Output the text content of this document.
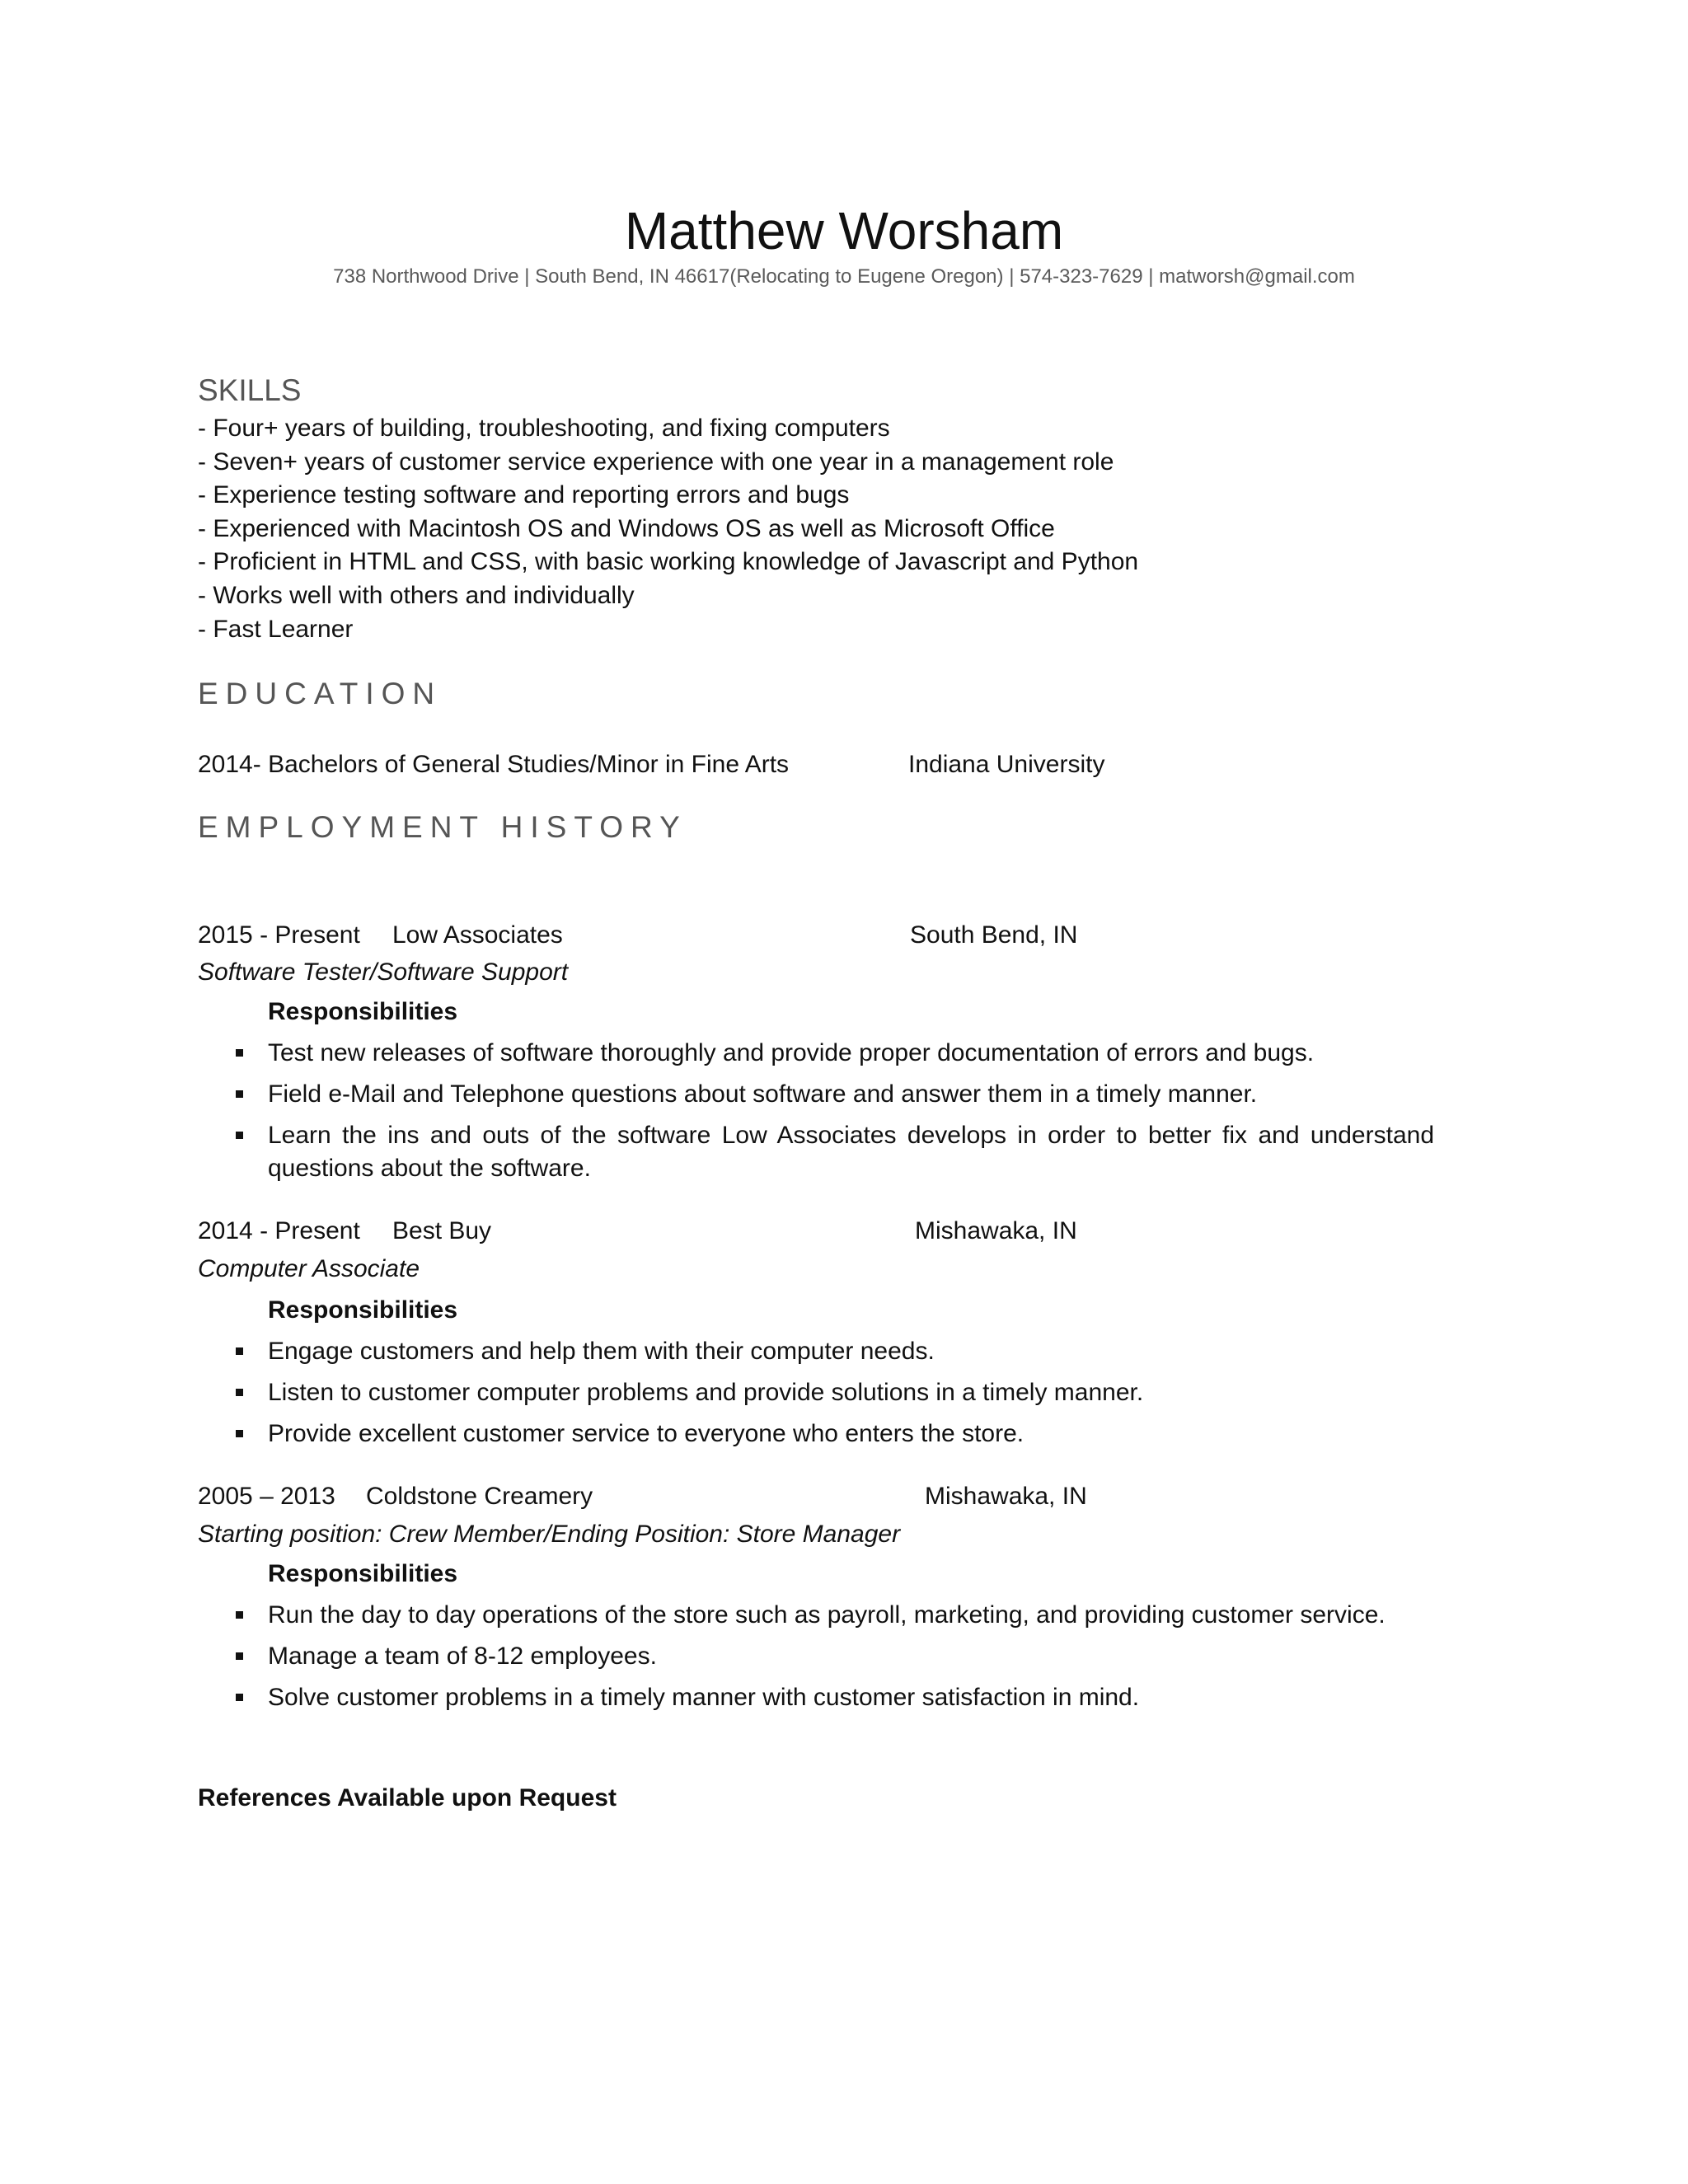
Matthew Worsham
738 Northwood Drive | South Bend, IN 46617(Relocating to Eugene Oregon) | 574-323-7629 | matworsh@gmail.com
SKILLS
- Four+ years of building, troubleshooting, and fixing computers
- Seven+ years of customer service experience with one year in a management role
- Experience testing software and reporting errors and bugs
- Experienced with Macintosh OS and Windows OS as well as Microsoft Office
- Proficient in HTML and CSS, with basic working knowledge of Javascript and Python
- Works well with others and individually
- Fast Learner
EDUCATION
2014- Bachelors of General Studies/Minor in Fine Arts	Indiana University
EMPLOYMENT HISTORY
2015 - Present Low Associates	South Bend, IN
Software Tester/Software Support
Responsibilities
Test new releases of software thoroughly and provide proper documentation of errors and bugs.
Field e-Mail and Telephone questions about software and answer them in a timely manner.
Learn the ins and outs of the software Low Associates develops in order to better fix and understand questions about the software.
2014 - Present Best Buy	Mishawaka, IN
Computer Associate
Responsibilities
Engage customers and help them with their computer needs.
Listen to customer computer problems and provide solutions in a timely manner.
Provide excellent customer service to everyone who enters the store.
2005 – 2013 Coldstone Creamery	Mishawaka, IN
Starting position: Crew Member/Ending Position: Store Manager
Responsibilities
Run the day to day operations of the store such as payroll, marketing, and providing customer service.
Manage a team of 8-12 employees.
Solve customer problems in a timely manner with customer satisfaction in mind.
References Available upon Request
